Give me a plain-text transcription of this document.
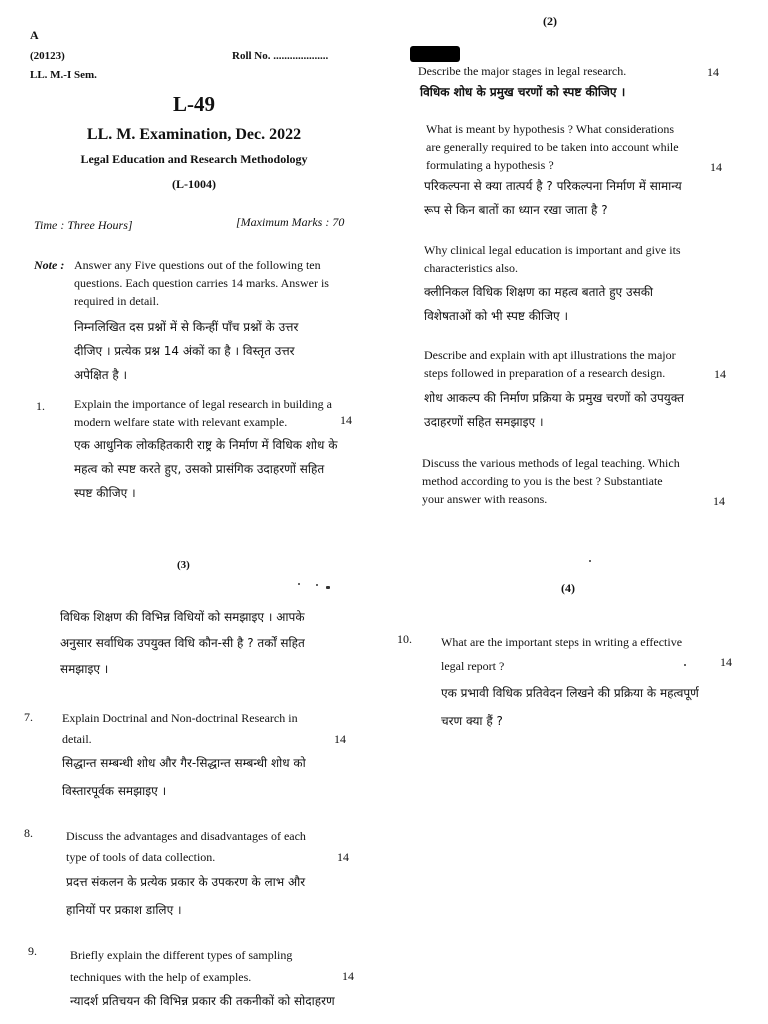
A
(20123)	Roll No. ....................
LL. M.-I Sem.
L-49
LL. M. Examination, Dec. 2022
Legal Education and Research Methodology
(L-1004)
Time : Three Hours]	[Maximum Marks : 70
Note : Answer any Five questions out of the following ten
questions. Each question carries 14 marks. Answer is
required in detail.
निम्नलिखित दस प्रश्नों में से किन्हीं पाँच प्रश्नों के उत्तर
दीजिए । प्रत्येक प्रश्न 14 अंकों का है । विस्तृत उत्तर
अपेक्षित है ।
1. Explain the importance of legal research in building a
modern welfare state with relevant example.	14
एक आधुनिक लोकहितकारी राष्ट्र के निर्माण में विधिक शोध के
महत्व को स्पष्ट करते हुए, उसको प्रासंगिक उदाहरणों सहित
स्पष्ट कीजिए ।
(2)
Describe the major stages in legal research.	14
विधिक शोध के प्रमुख चरणों को स्पष्ट कीजिए ।
What is meant by hypothesis ? What considerations
are generally required to be taken into account while
formulating a hypothesis ?	14
परिकल्पना से क्या तात्पर्य है ? परिकल्पना निर्माण में सामान्य
रूप से किन बातों का ध्यान रखा जाता है ?
Why clinical legal education is important and give its
characteristics also.
क्लीनिकल विधिक शिक्षण का महत्व बताते हुए उसकी
विशेषताओं को भी स्पष्ट कीजिए ।
Describe and explain with apt illustrations the major
steps followed in preparation of a research design.	14
शोध आकल्प की निर्माण प्रक्रिया के प्रमुख चरणों को उपयुक्त
उदाहरणों सहित समझाइए ।
Discuss the various methods of legal teaching. Which
method according to you is the best ? Substantiate
your answer with reasons.	14
(3)
विधिक शिक्षण की विभिन्न विधियों को समझाइए । आपके
अनुसार सर्वाधिक उपयुक्त विधि कौन-सी है ? तर्कों सहित
समझाइए ।
7. Explain Doctrinal and Non-doctrinal Research in
detail.	14
सिद्धान्त सम्बन्धी शोध और गैर-सिद्धान्त सम्बन्धी शोध को
विस्तारपूर्वक समझाइए ।
8.	Discuss the advantages and disadvantages of each
type of tools of data collection.	14
प्रदत्त संकलन के प्रत्येक प्रकार के उपकरण के लाभ और
हानियों पर प्रकाश डालिए ।
9.	Briefly explain the different types of sampling
techniques with the help of examples.	14
न्यादर्श प्रतिचयन की विभिन्न प्रकार की तकनीकों को सोदाहरण
(4)
10. What are the important steps in writing a effective
legal report ?	14
एक प्रभावी विधिक प्रतिवेदन लिखने की प्रक्रिया के महत्वपूर्ण
चरण क्या हैं ?
